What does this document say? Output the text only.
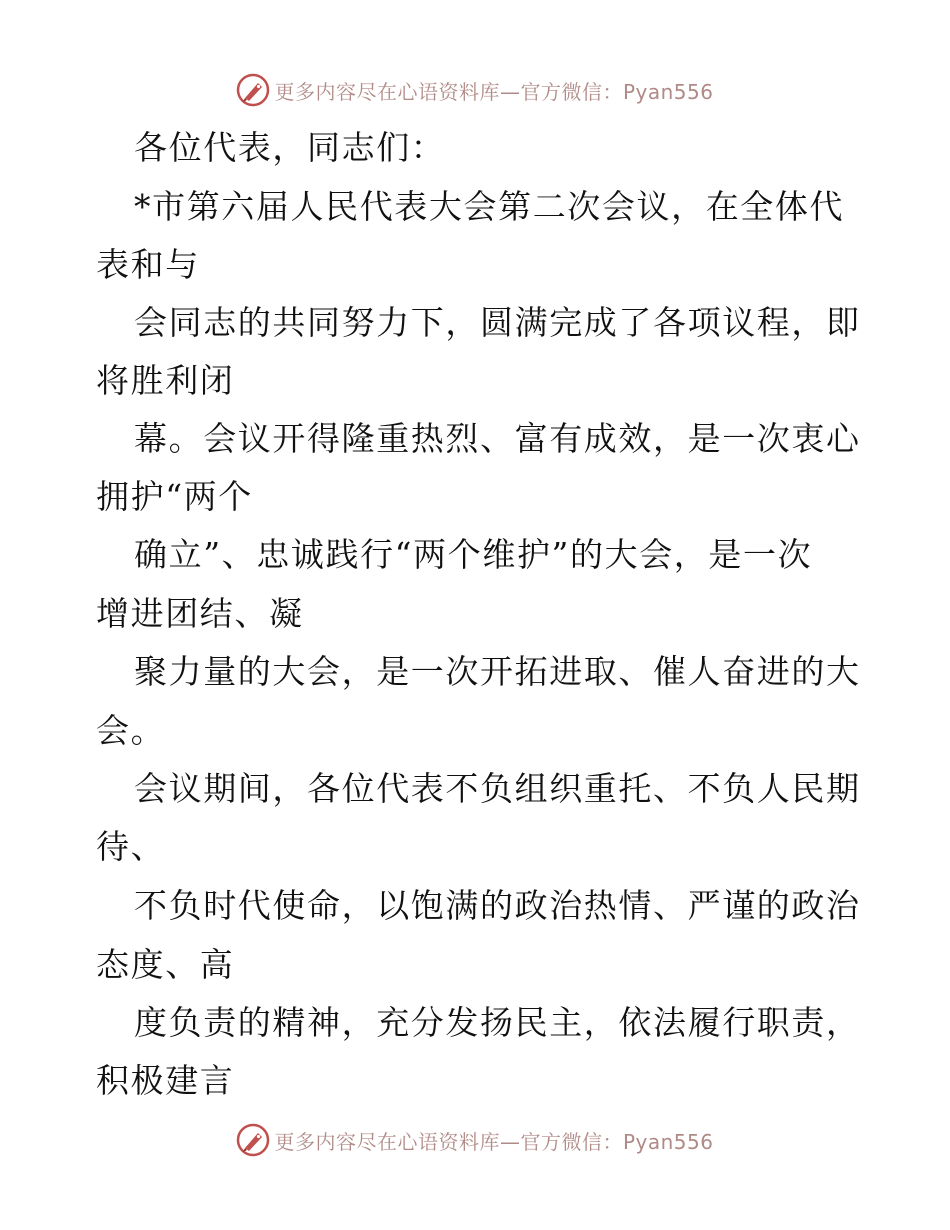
更多内容尽在心语资料库—官方微信：Pyan556
各位代表，同志们：
*市第六届人民代表大会第二次会议，在全体代
表和与
会同志的共同努力下，圆满完成了各项议程，即
将胜利闭
幕。会议开得隆重热烈、富有成效，是一次衷心
拥护“两个
确立”、忠诚践行“两个维护”的大会，是一次
增进团结、凝
聚力量的大会，是一次开拓进取、催人奋进的大
会。
会议期间，各位代表不负组织重托、不负人民期
待、
不负时代使命，以饱满的政治热情、严谨的政治
态度、高
度负责的精神，充分发扬民主，依法履行职责，
积极建言
更多内容尽在心语资料库—官方微信：Pyan556
